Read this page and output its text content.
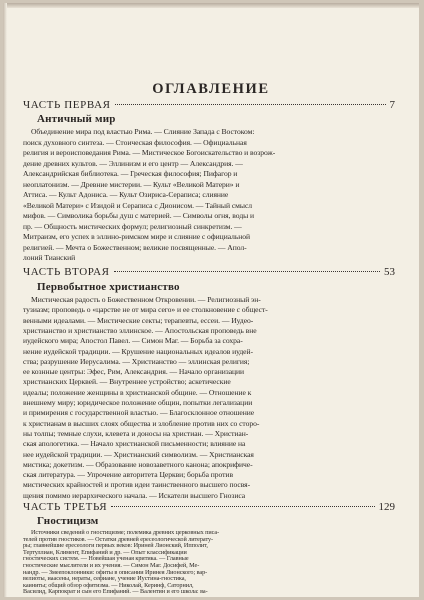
ОГЛАВЛЕНИЕ
ЧАСТЬ ПЕРВАЯ	7
Античный мир
Объединение мира под властью Рима. — Слияние Запада с Востоком:
поиск духовного синтеза. — Стоическая философия. — Официальная
религия и вероисповедания Рима. — Мистическое Богоискательство и возрож-
дение древних культов. — Эллинизм и его центр — Александрия. —
Александрийская библиотека. — Греческая философия; Пифагор и
неоплатонизм. — Древние мистерии. — Культ «Великой Матери» и
Аттиса. — Культ Адониса. — Культ Озириса-Сераписа; слияние
«Великой Матери» с Изидой и Сераписа с Дионисом. — Тайный смысл
мифов. — Символика борьбы душ с материей. — Символы огня, воды и
пр. — Общность мистических формул; религиозный синкретизм. —
Митраизм, его успех в эллино-римском мире и слияние с официальной
религией. — Мечта о Божественном; великие посвященные. — Апол-
лоний Тианский
ЧАСТЬ ВТОРАЯ	53
Первобытное христианство
Мистическая радость о Божественном Откровении. — Религиозный эн-
тузиазм; проповедь о «царстве не от мира сего» и ее столкновение с общест-
венными идеалами. — Мистические секты; терапевты, ессеи. — Иудео-
христианство и христианство эллинское. — Апостольская проповедь вне
иудейского мира; Апостол Павел. — Симон Маг. — Борьба за сохра-
нение иудейской традиции. — Крушение национальных идеалов иудей-
ства; разрушение Иерусалима. — Христианство — эллинская религия;
ее кознные центры: Эфес, Рим, Александрия. — Начало организации
христианских Церквей. — Внутреннее устройство; аскетические
идеалы; положение женщины в христианской общине. — Отношение к
внешнему миру; юридическое положение общин, попытки легализации
и примирения с государственной властью. — Благосклонное отношение
к христианам в высших слоях общества и злобление против них со сторо-
ны толпы; темные слухи, клевета и доносы на христиан. — Христиан-
ская апологетика. — Начало христианской письменности; влияние на
нее иудейской традиции. — Христианский символизм. — Христианская
мистика; докетизм. — Образование новозаветного канона; апокрифиче-
ская литература. — Упрочение авторитета Церкви; борьба против
мистических крайностей и против идеи таинственного высшего посвя-
щения помимо иерархического начала. — Искатели высшего Гнозиса
ЧАСТЬ ТРЕТЬЯ	129
Гностицизм
Источники сведений о гностицизме; полемика древних церковных писа-
телей против гностиков. — Остатки древней ересеологической литерату-
ры; главнейшие ересеологи первых веков: Ириней Лионский, Ипполит,
Тертуллиан, Климент, Епифаний и др. — Опыт классификации
гностических систем. — Новейшая ученая критика. — Главные
гностические мыслители и их учения. — Симон Маг. Досифей, Ме-
нандр. — Змеепоклонники: офиты в описании Иринея Лионского; вар-
велиоты, иаасены, нераты, сефиане, учение Иустина-гностика,
каиниты; общий обзор офитизма. — Николай, Керинф, Саторнил,
Василид, Карпократ и сын его Епифаний. — Валентин и его школа: ва-
